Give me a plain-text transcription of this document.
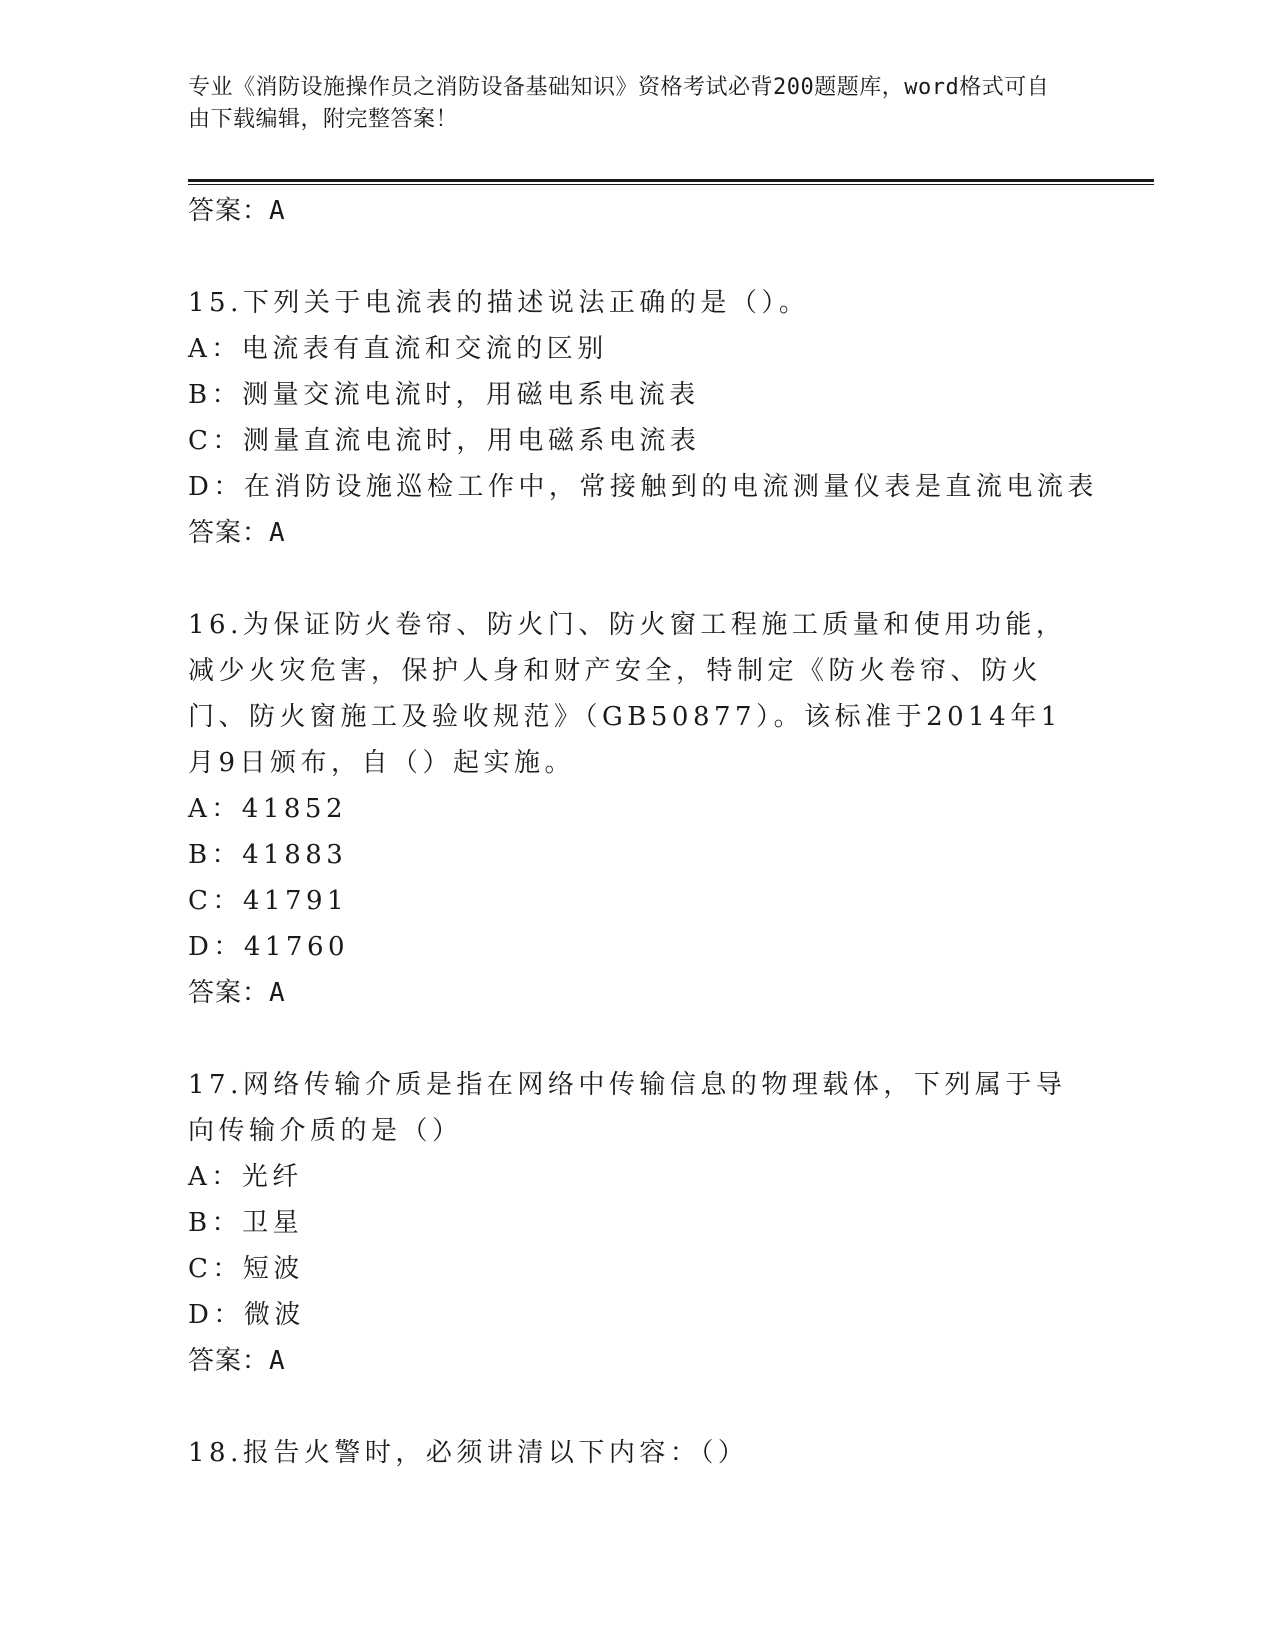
专业《消防设施操作员之消防设备基础知识》资格考试必背200题题库，word格式可自由下载编辑，附完整答案！
答案：A

15.下列关于电流表的描述说法正确的是（）。

A：电流表有直流和交流的区别
B：测量交流电流时，用磁电系电流表
C：测量直流电流时，用电磁系电流表
D：在消防设施巡检工作中，常接触到的电流测量仪表是直流电流表
答案：A

16.为保证防火卷帘、防火门、防火窗工程施工质量和使用功能，减少火灾危害，保护人身和财产安全，特制定《防火卷帘、防火门、防火窗施工及验收规范》（GB50877）。该标准于2014年1月9日颁布，自（）起实施。

A：41852
B：41883
C：41791
D：41760
答案：A

17.网络传输介质是指在网络中传输信息的物理载体，下列属于导向传输介质的是（）

A：光纤
B：卫星
C：短波
D：微波
答案：A

18.报告火警时，必须讲清以下内容：（）
